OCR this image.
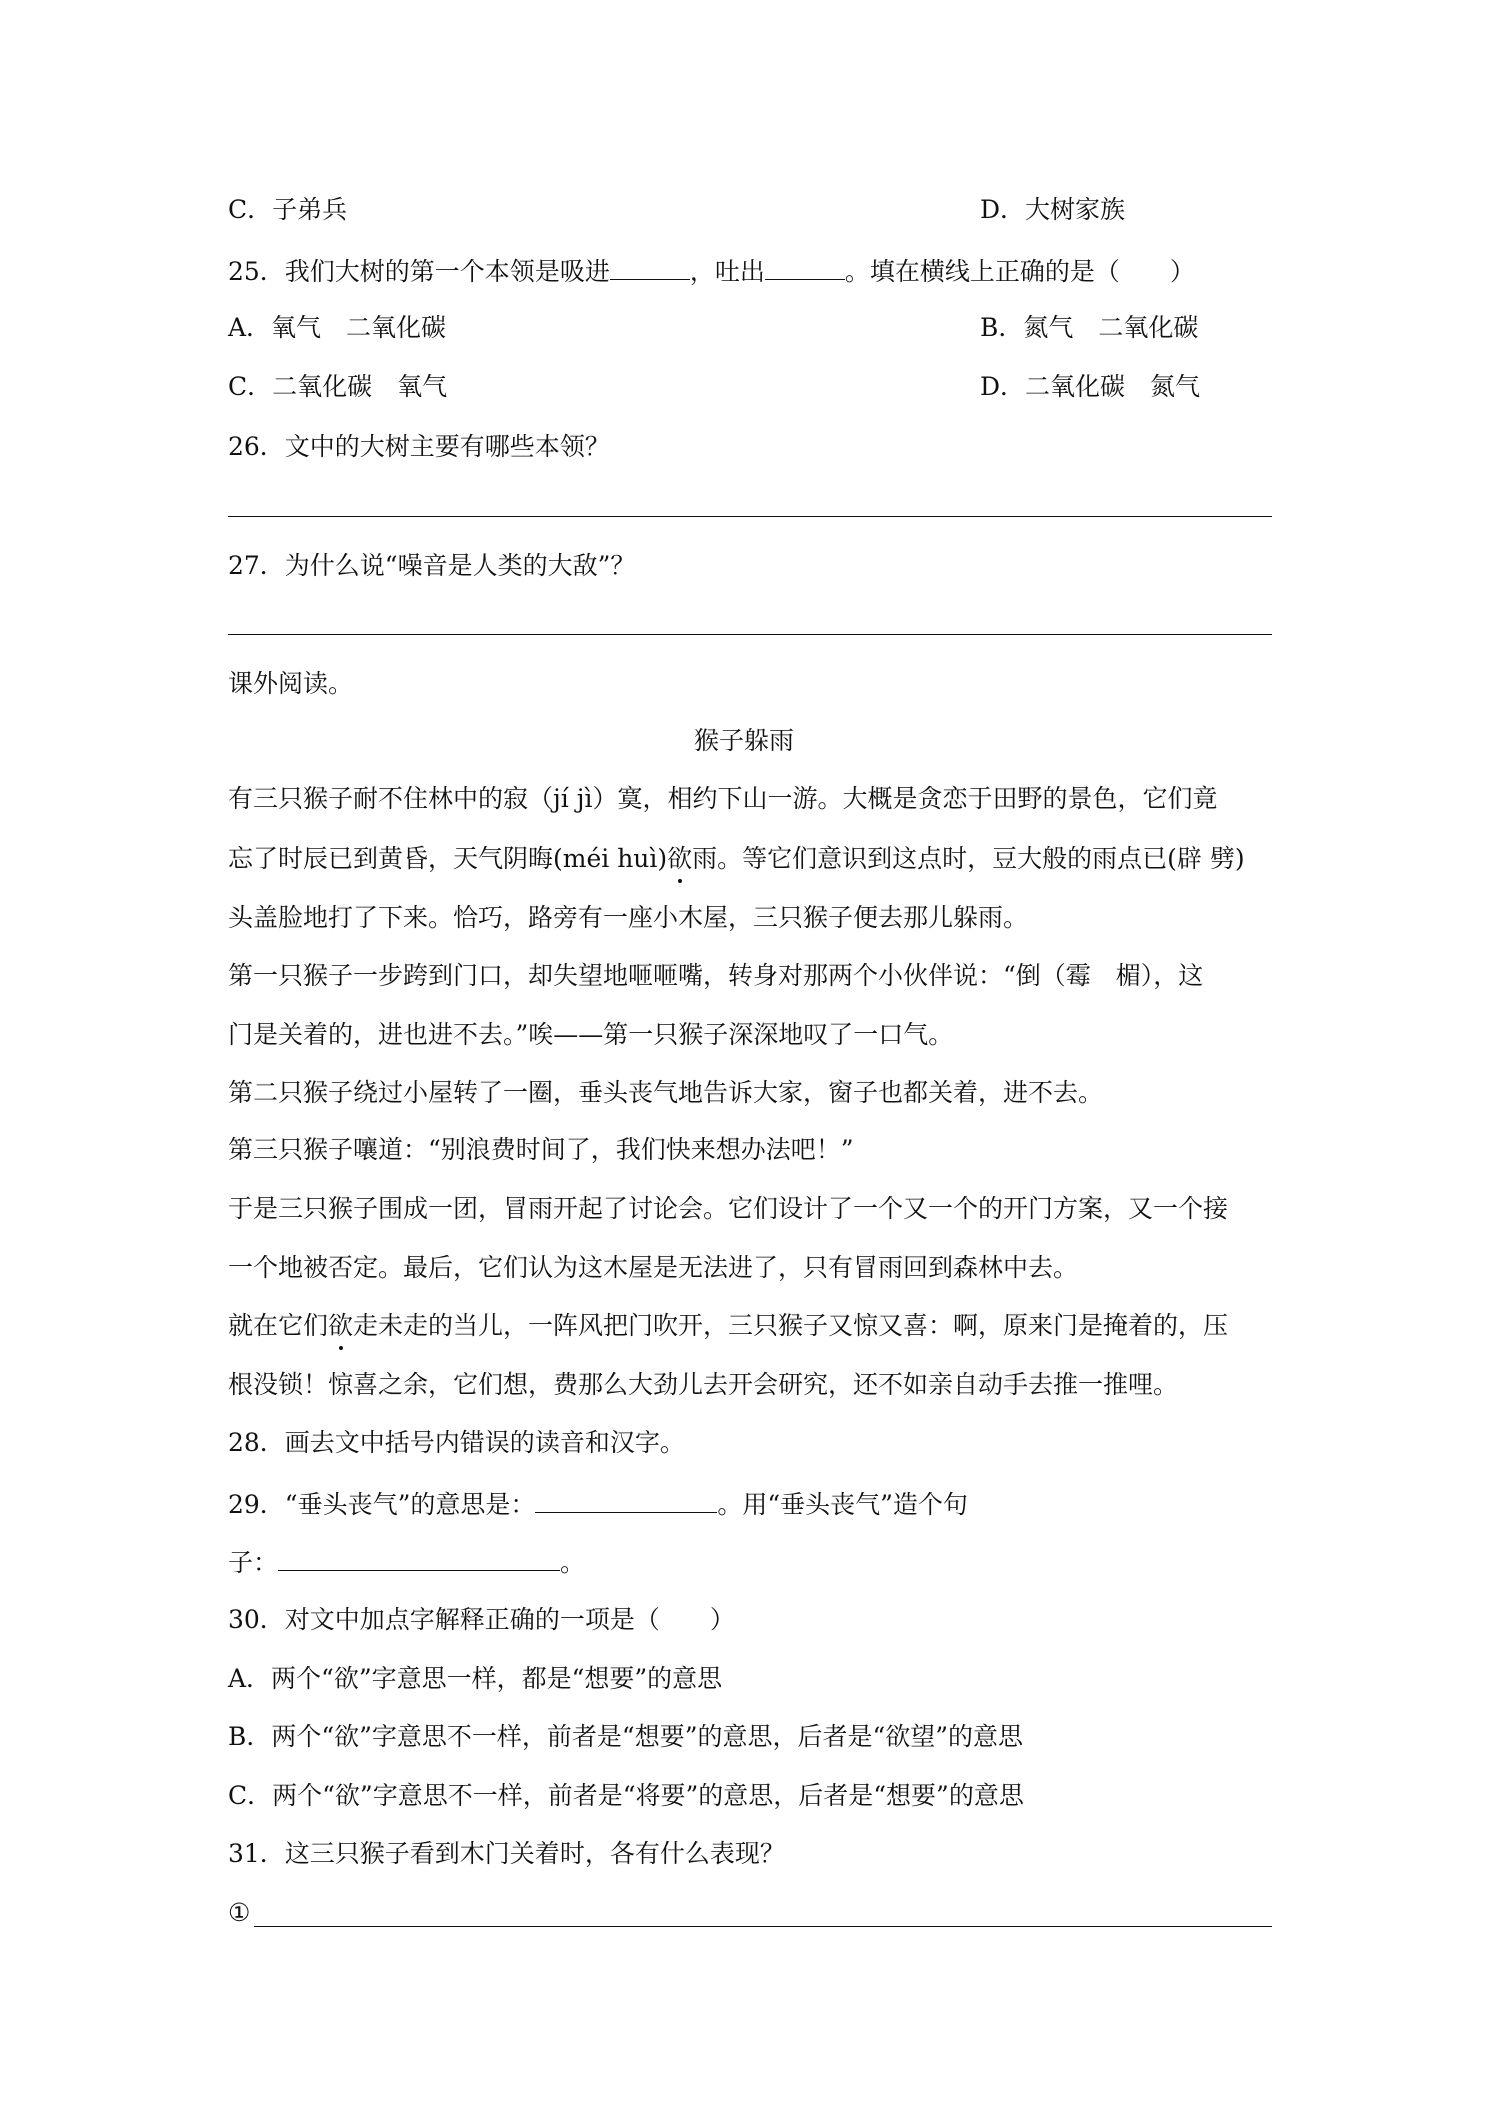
C．子弟兵	D．大树家族
25．我们大树的第一个本领是吸进	，吐出	。填在横线上正确的是（　　）
A．氧气　二氧化碳	B．氮气　二氧化碳
C．二氧化碳　氧气	D．二氧化碳　氮气
26．文中的大树主要有哪些本领？
27．为什么说“噪音是人类的大敌”？
课外阅读。
猴子躲雨
有三只猴子耐不住林中的寂（jí jì）寞，相约下山一游。大概是贪恋于田野的景色，它们竟
忘了时辰已到黄昏，天气阴晦(méi huì)欲雨。等它们意识到这点时，豆大般的雨点已(辟 劈)
头盖脸地打了下来。恰巧，路旁有一座小木屋，三只猴子便去那儿躲雨。
第一只猴子一步跨到门口，却失望地咂咂嘴，转身对那两个小伙伴说：“倒（霉　楣），这
门是关着的，进也进不去。”唉——第一只猴子深深地叹了一口气。
第二只猴子绕过小屋转了一圈，垂头丧气地告诉大家，窗子也都关着，进不去。
第三只猴子嚷道：“别浪费时间了，我们快来想办法吧！”
于是三只猴子围成一团，冒雨开起了讨论会。它们设计了一个又一个的开门方案，又一个接
一个地被否定。最后，它们认为这木屋是无法进了，只有冒雨回到森林中去。
就在它们欲走未走的当儿，一阵风把门吹开，三只猴子又惊又喜：啊，原来门是掩着的，压
根没锁！惊喜之余，它们想，费那么大劲儿去开会研究，还不如亲自动手去推一推哩。
28．画去文中括号内错误的读音和汉字。
29．“垂头丧气”的意思是：	。用“垂头丧气”造个句
子：	。
30．对文中加点字解释正确的一项是（　　）
A．两个“欲”字意思一样，都是“想要”的意思
B．两个“欲”字意思不一样，前者是“想要”的意思，后者是“欲望”的意思
C．两个“欲”字意思不一样，前者是“将要”的意思，后者是“想要”的意思
31．这三只猴子看到木门关着时，各有什么表现？
①
